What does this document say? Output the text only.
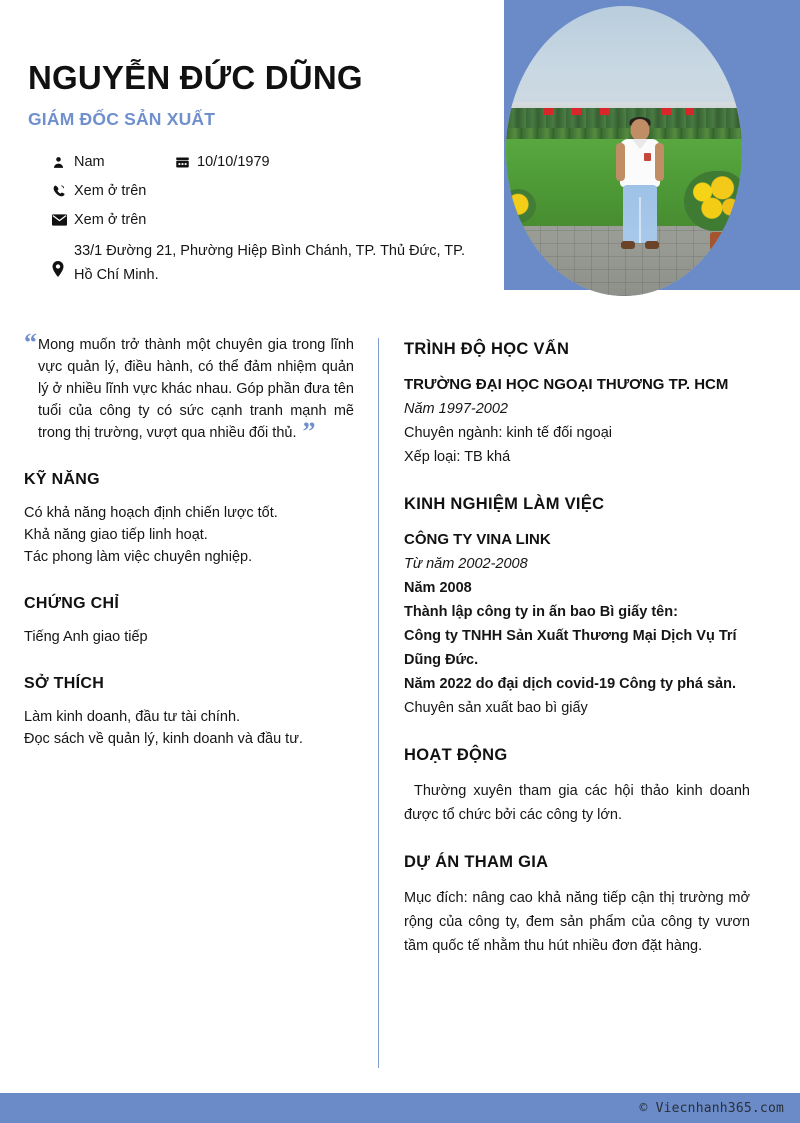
NGUYỄN ĐỨC DŨNG
GIÁM ĐỐC SẢN XUẤT
Nam	10/10/1979
Xem ở trên
Xem ở trên
33/1 Đường 21, Phường Hiệp Bình Chánh, TP. Thủ Đức, TP. Hồ Chí Minh.
“ Mong muốn trở thành một chuyên gia trong lĩnh vực quản lý, điều hành, có thể đảm nhiệm quản lý ở nhiều lĩnh vực khác nhau. Góp phần đưa tên tuổi của công ty có sức cạnh tranh mạnh mẽ trong thị trường, vượt qua nhiều đối thủ. ”
KỸ NĂNG
Có khả năng hoạch định chiến lược tốt.
Khả năng giao tiếp linh hoạt.
Tác phong làm việc chuyên nghiệp.
CHỨNG CHỈ
Tiếng Anh giao tiếp
SỞ THÍCH
Làm kinh doanh, đầu tư tài chính.
Đọc sách về quản lý, kinh doanh và đầu tư.
TRÌNH ĐỘ HỌC VẤN
TRƯỜNG ĐẠI HỌC NGOẠI THƯƠNG TP. HCM
Năm 1997-2002
Chuyên ngành: kinh tế đối ngoại
Xếp loại: TB khá
KINH NGHIỆM LÀM VIỆC
CÔNG TY VINA LINK
Từ năm 2002-2008
Năm 2008
Thành lập công ty in ấn bao Bì giấy tên:
Công ty TNHH Sản Xuất Thương Mại Dịch Vụ Trí Dũng Đức.
Năm 2022 do đại dịch covid-19 Công ty phá sản.
Chuyên sản xuất bao bì giấy
HOẠT ĐỘNG
Thường xuyên tham gia các hội thảo kinh doanh được tổ chức bởi các công ty lớn.
DỰ ÁN THAM GIA
Mục đích: nâng cao khả năng tiếp cận thị trường mở rộng của công ty, đem sản phẩm của công ty vươn tầm quốc tế nhằm thu hút nhiều đơn đặt hàng.
© Viecnhanh365.com
